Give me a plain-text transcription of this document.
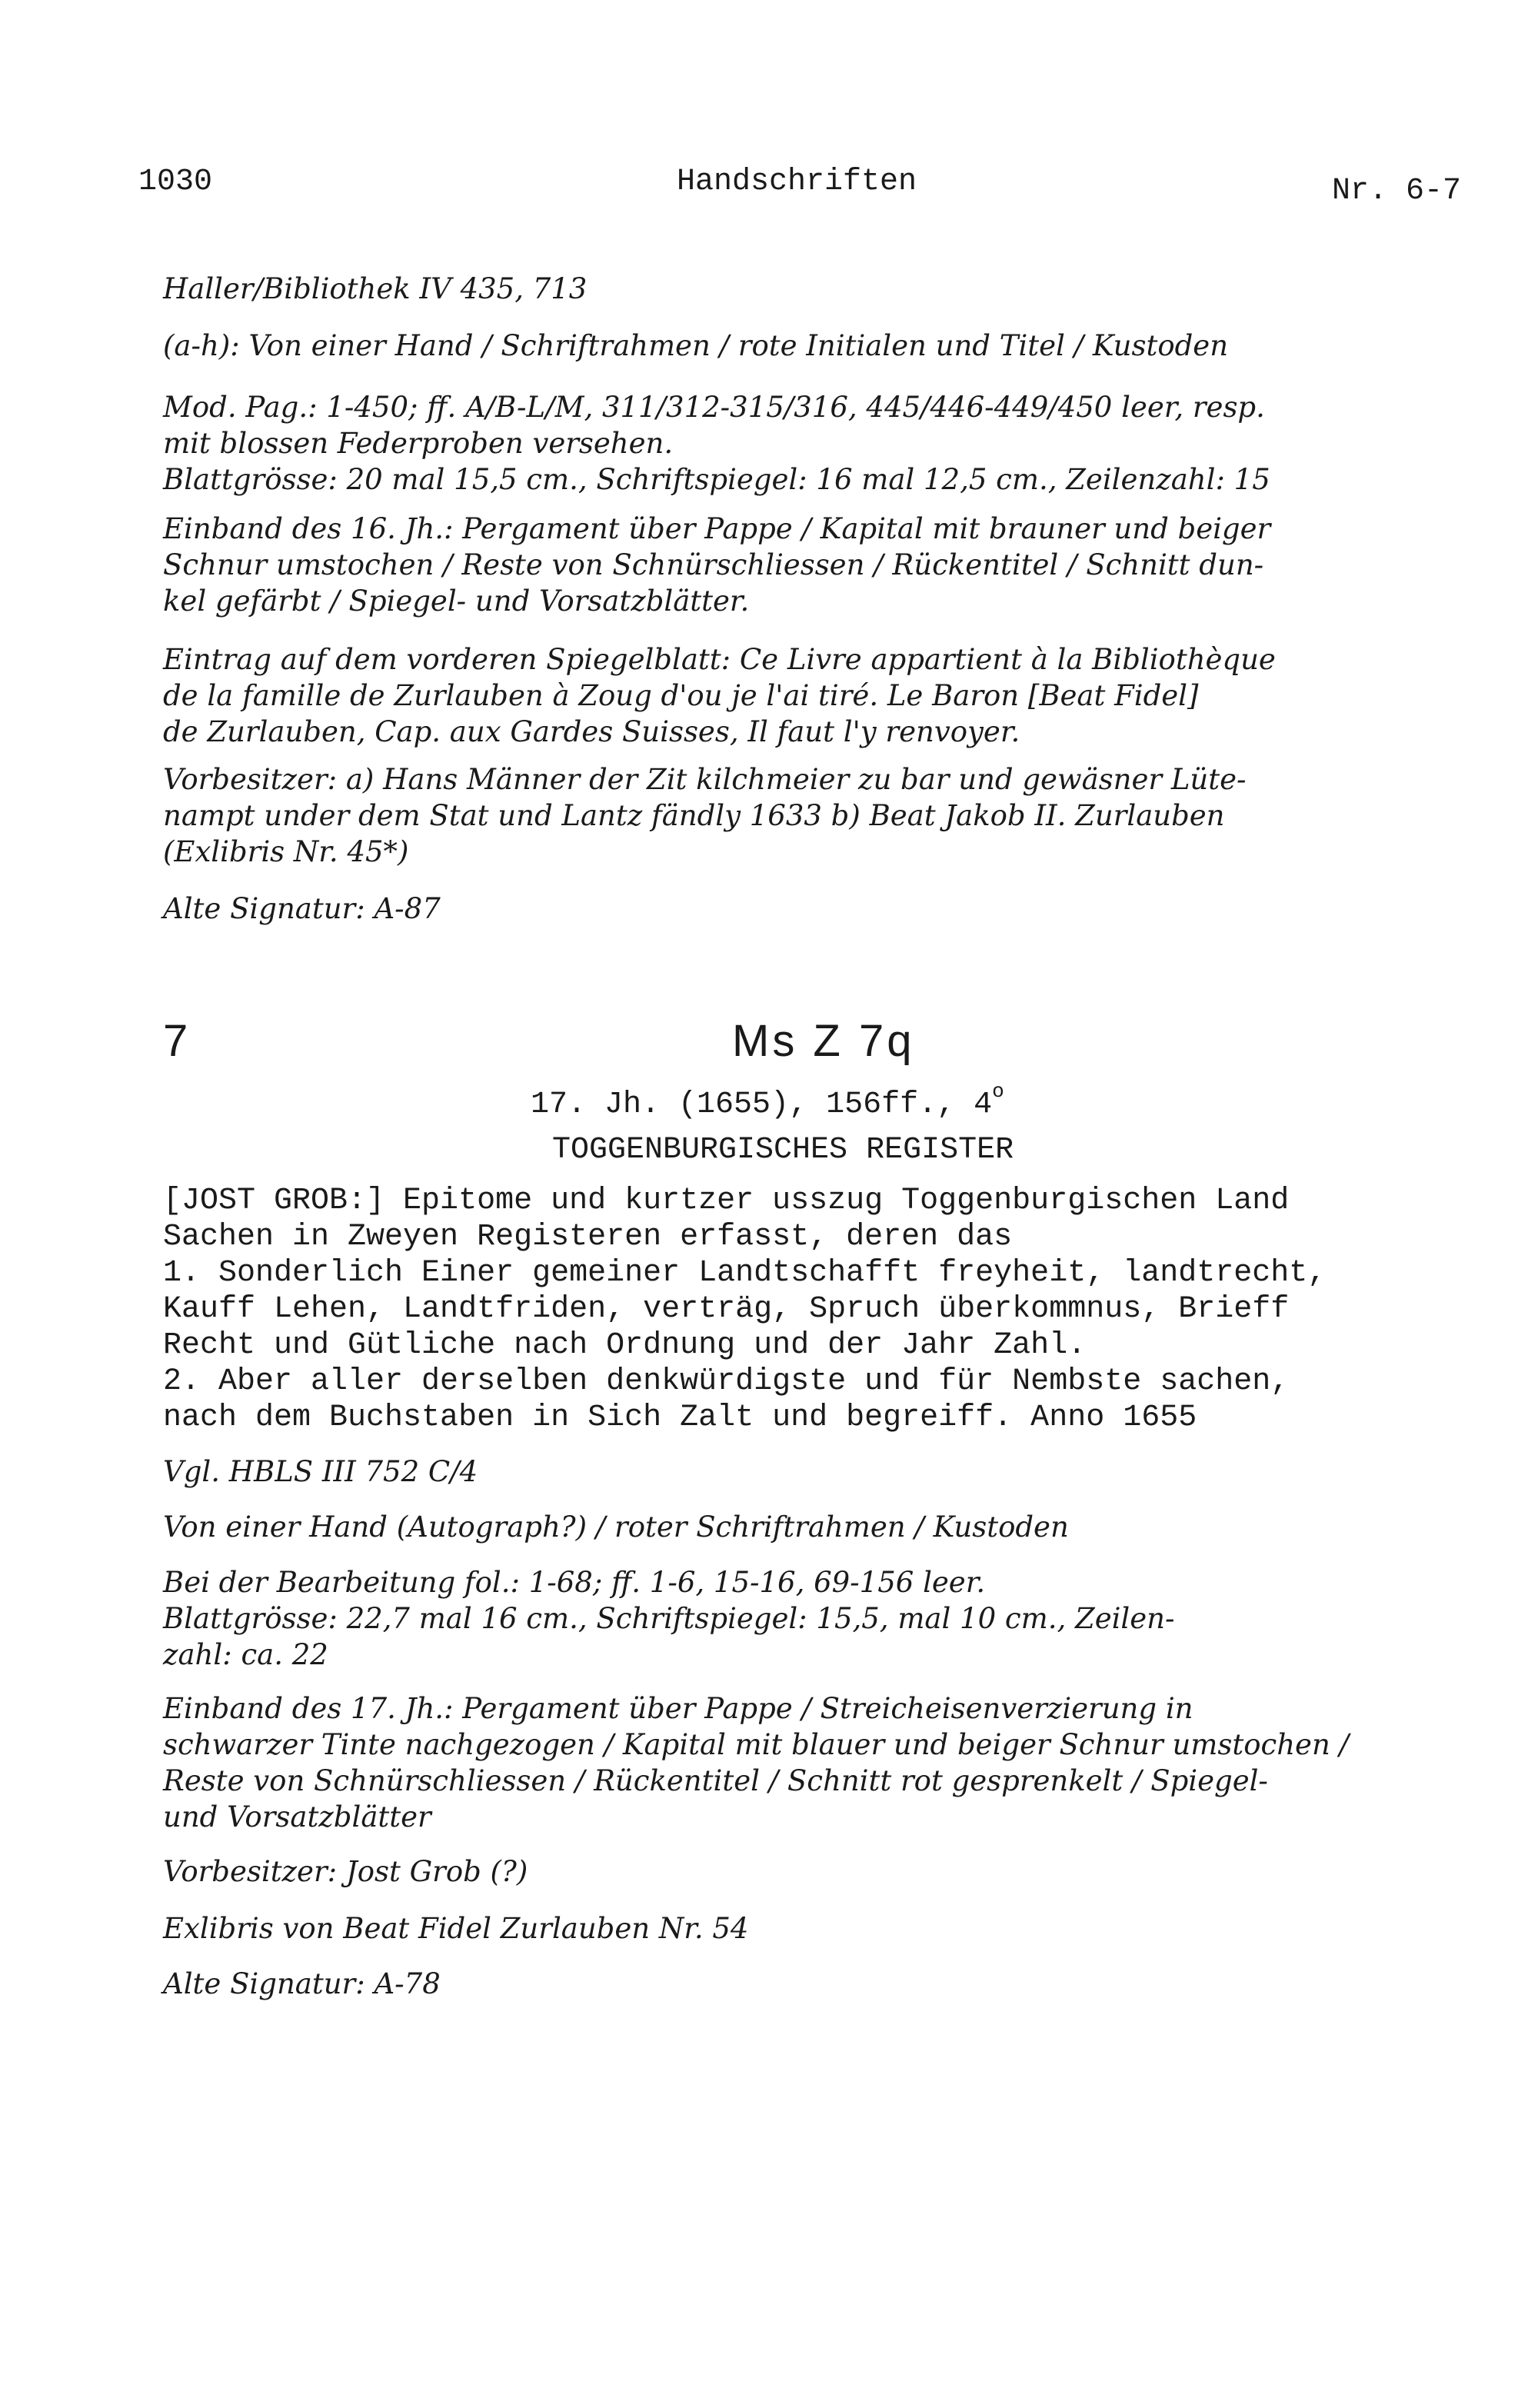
1030	Handschriften	Nr. 6-7
Haller/Bibliothek IV 435, 713
(a-h): Von einer Hand / Schriftrahmen / rote Initialen und Titel / Kustoden
Mod. Pag.: 1-450; ff. A/B-L/M, 311/312-315/316, 445/446-449/450 leer, resp.
mit blossen Federproben versehen.
Blattgrösse: 20 mal 15,5 cm., Schriftspiegel: 16 mal 12,5 cm., Zeilenzahl: 15
Einband des 16. Jh.: Pergament über Pappe / Kapital mit brauner und beiger
Schnur umstochen / Reste von Schnürschliessen / Rückentitel / Schnitt dun-
kel gefärbt / Spiegel- und Vorsatzblätter.
Eintrag auf dem vorderen Spiegelblatt: Ce Livre appartient à la Bibliothèque
de la famille de Zurlauben à Zoug d'ou je l'ai tiré. Le Baron [Beat Fidel]
de Zurlauben, Cap. aux Gardes Suisses, Il faut l'y renvoyer.
Vorbesitzer: a) Hans Männer der Zit kilchmeier zu bar und gewäsner Lüte-
nampt under dem Stat und Lantz fändly 1633 b) Beat Jakob II. Zurlauben
(Exlibris Nr. 45*)
Alte Signatur: A-87
7	Ms Z 7q
17. Jh. (1655), 156ff., 4$^o$
TOGGENBURGISCHES REGISTER
[JOST GROB:] Epitome und kurtzer usszug Toggenburgischen Land
Sachen in Zweyen Registeren erfasst, deren das
1. Sonderlich Einer gemeiner Landtschafft freyheit, landtrecht,
Kauff Lehen, Landtfriden, verträg, Spruch überkommnus, Brieff
Recht und Gütliche nach Ordnung und der Jahr Zahl.
2. Aber aller derselben denkwürdigste und für Nembste sachen,
nach dem Buchstaben in Sich Zalt und begreiff. Anno 1655
Vgl. HBLS III 752 C/4
Von einer Hand (Autograph?) / roter Schriftrahmen / Kustoden
Bei der Bearbeitung fol.: 1-68; ff. 1-6, 15-16, 69-156 leer.
Blattgrösse: 22,7 mal 16 cm., Schriftspiegel: 15,5, mal 10 cm., Zeilen-
zahl: ca. 22
Einband des 17. Jh.: Pergament über Pappe / Streicheisenverzierung in
schwarzer Tinte nachgezogen / Kapital mit blauer und beiger Schnur umstochen /
Reste von Schnürschliessen / Rückentitel / Schnitt rot gesprenkelt / Spiegel-
und Vorsatzblätter
Vorbesitzer: Jost Grob (?)
Exlibris von Beat Fidel Zurlauben Nr. 54
Alte Signatur: A-78
